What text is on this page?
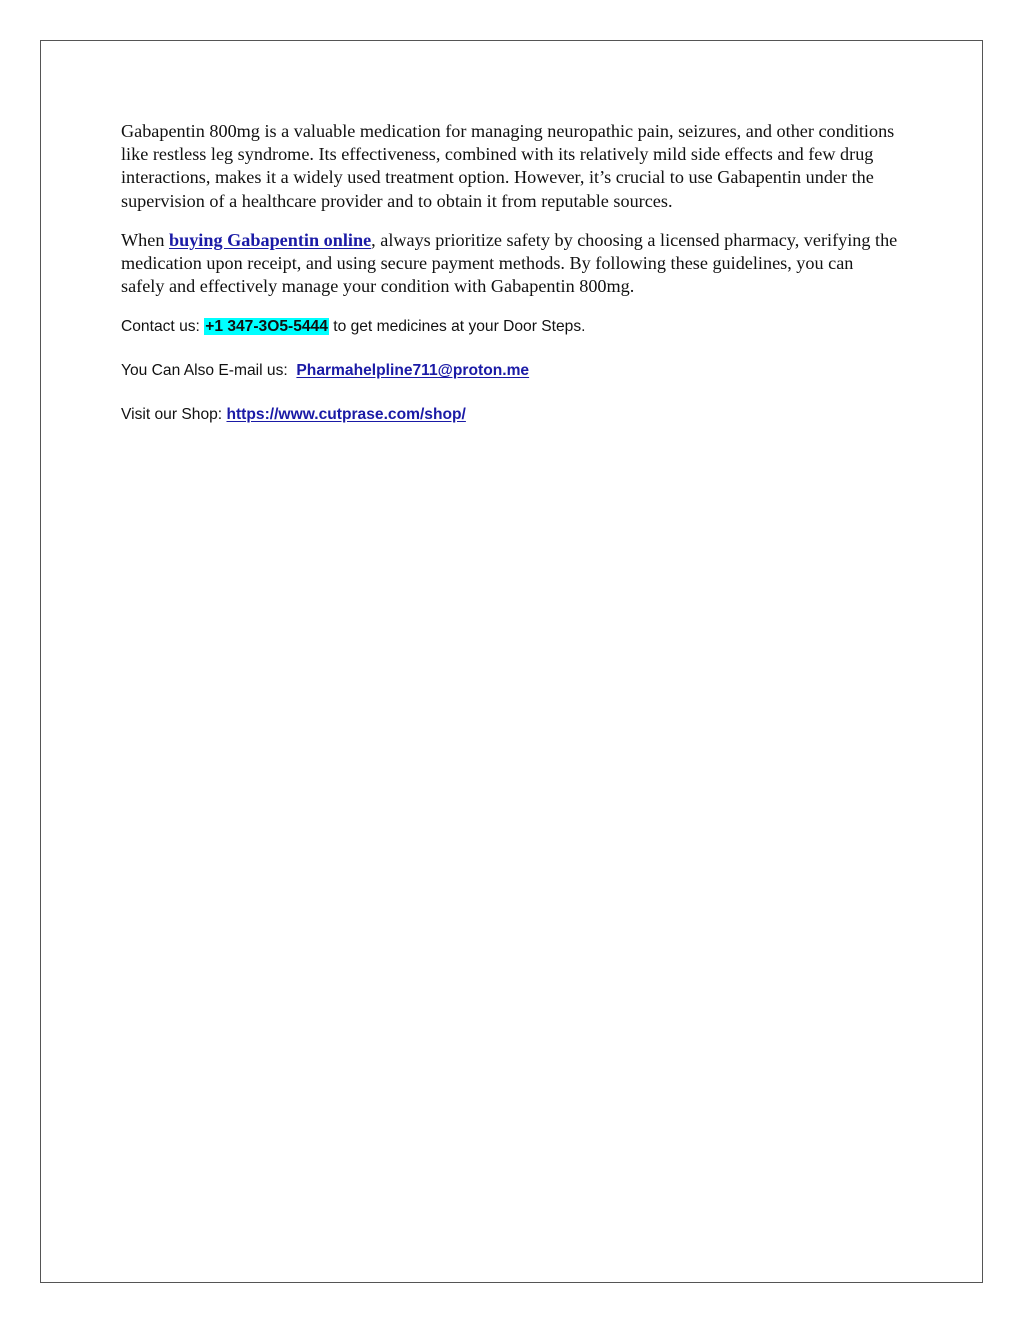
Gabapentin 800mg is a valuable medication for managing neuropathic pain, seizures, and other conditions like restless leg syndrome. Its effectiveness, combined with its relatively mild side effects and few drug interactions, makes it a widely used treatment option. However, it’s crucial to use Gabapentin under the supervision of a healthcare provider and to obtain it from reputable sources.

When buying Gabapentin online, always prioritize safety by choosing a licensed pharmacy, verifying the medication upon receipt, and using secure payment methods. By following these guidelines, you can safely and effectively manage your condition with Gabapentin 800mg.

Contact us: +1 347-3O5-5444 to get medicines at your Door Steps.

You Can Also E-mail us:  Pharmahelpline711@proton.me

Visit our Shop: https://www.cutprase.com/shop/
